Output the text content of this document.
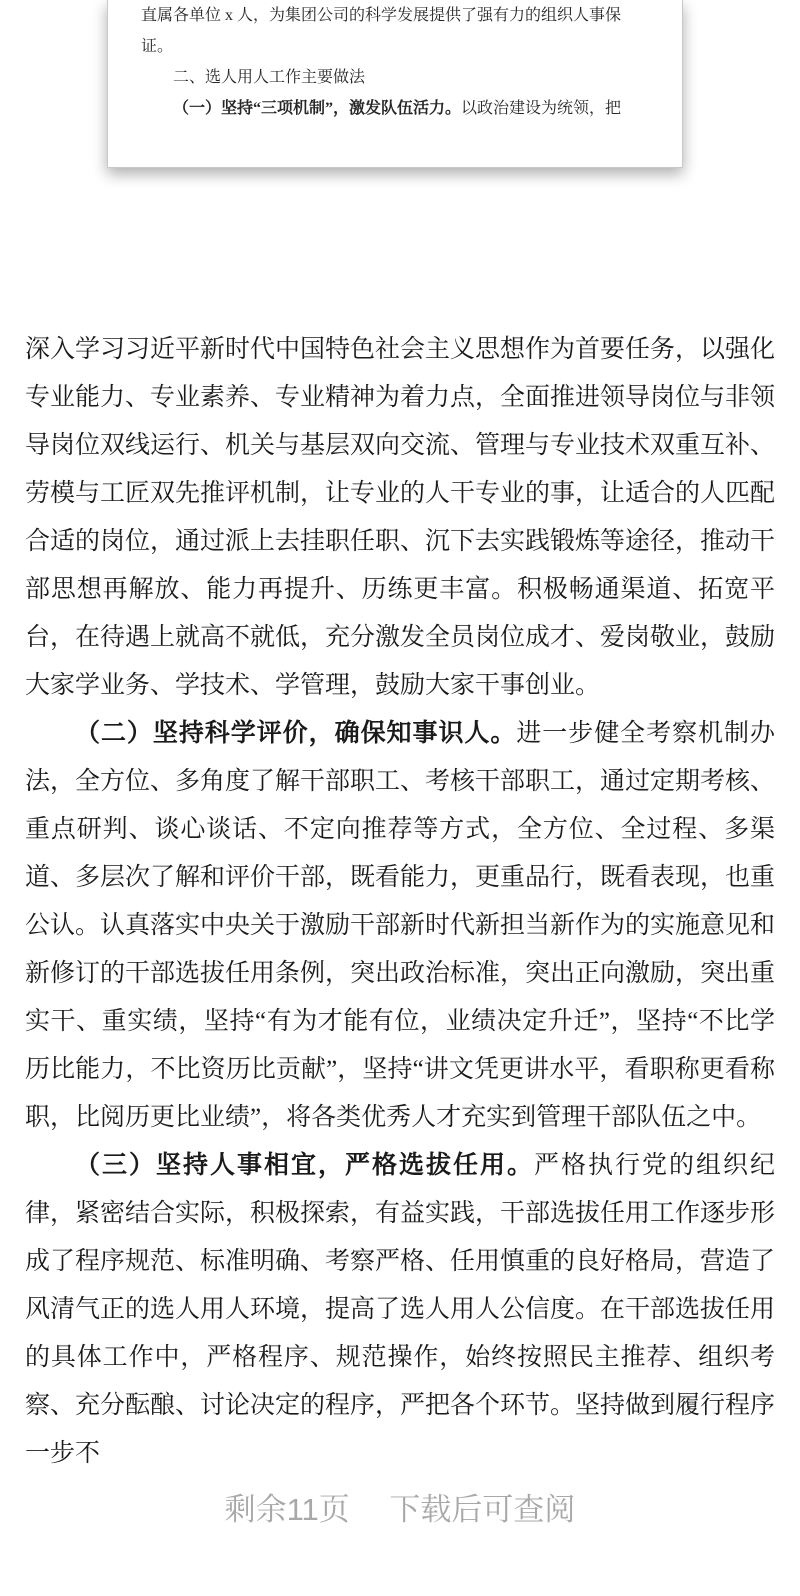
直属各单位 x 人，为集团公司的科学发展提供了强有力的组织人事保证。

二、选人用人工作主要做法

（一）坚持“三项机制”，激发队伍活力。以政治建设为统领，把

深入学习习近平新时代中国特色社会主义思想作为首要任务，以强化专业能力、专业素养、专业精神为着力点，全面推进领导岗位与非领导岗位双线运行、机关与基层双向交流、管理与专业技术双重互补、劳模与工匠双先推评机制，让专业的人干专业的事，让适合的人匹配合适的岗位，通过派上去挂职任职、沉下去实践锻炼等途径，推动干部思想再解放、能力再提升、历练更丰富。积极畅通渠道、拓宽平台，在待遇上就高不就低，充分激发全员岗位成才、爱岗敬业，鼓励大家学业务、学技术、学管理，鼓励大家干事创业。

（二）坚持科学评价，确保知事识人。进一步健全考察机制办法，全方位、多角度了解干部职工、考核干部职工，通过定期考核、重点研判、谈心谈话、不定向推荐等方式，全方位、全过程、多渠道、多层次了解和评价干部，既看能力，更重品行，既看表现，也重公认。认真落实中央关于激励干部新时代新担当新作为的实施意见和新修订的干部选拔任用条例，突出政治标准，突出正向激励，突出重实干、重实绩，坚持“有为才能有位，业绩决定升迁”，坚持“不比学历比能力，不比资历比贡献”，坚持“讲文凭更讲水平，看职称更看称职，比阅历更比业绩”，将各类优秀人才充实到管理干部队伍之中。

（三）坚持人事相宜，严格选拔任用。严格执行党的组织纪律，紧密结合实际，积极探索，有益实践，干部选拔任用工作逐步形成了程序规范、标准明确、考察严格、任用慎重的良好格局，营造了风清气正的选人用人环境，提高了选人用人公信度。在干部选拔任用的具体工作中，严格程序、规范操作，始终按照民主推荐、组织考察、充分酝酿、讨论决定的程序，严把各个环节。坚持做到履行程序一步不

剩余11页　 下载后可查阅
